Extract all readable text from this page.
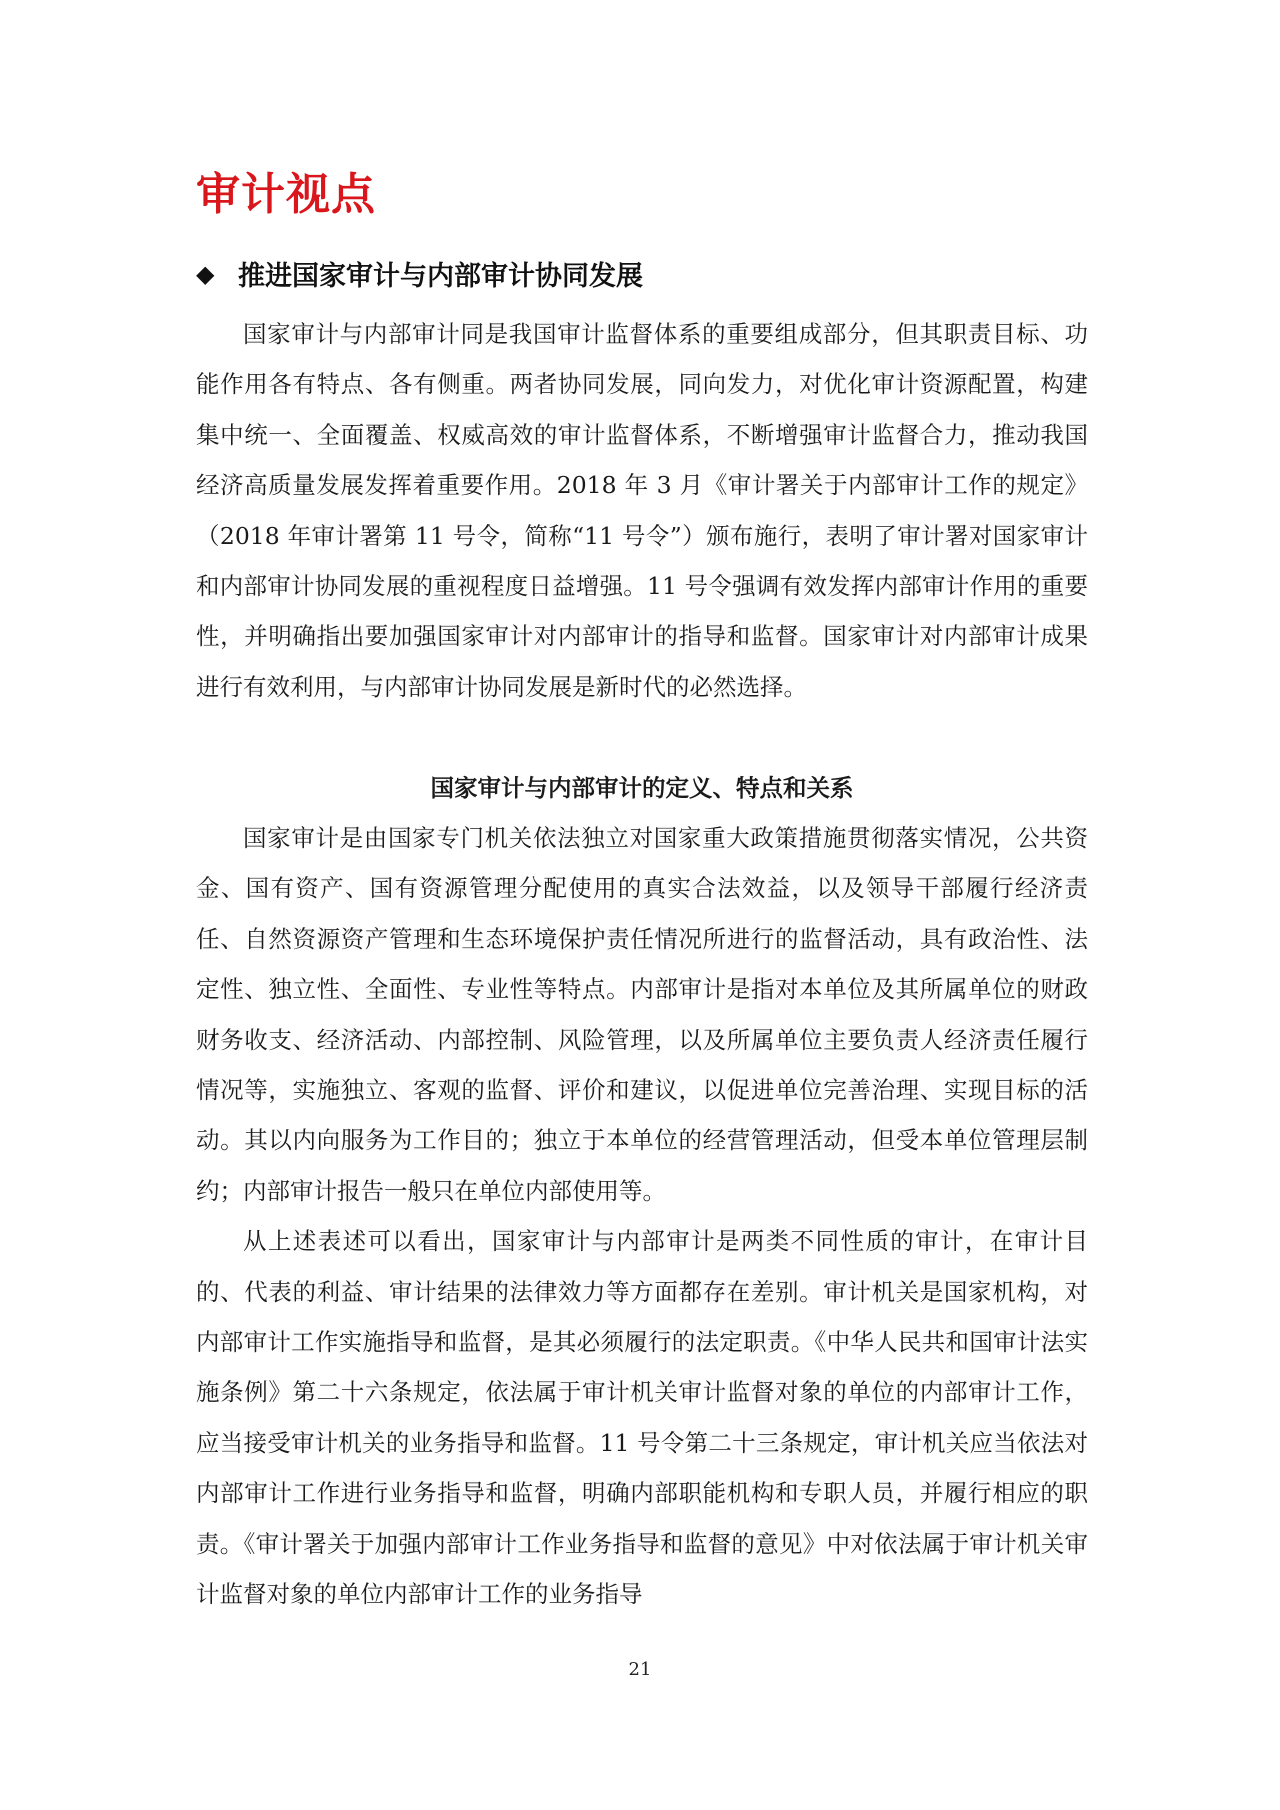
审计视点
◆ 推进国家审计与内部审计协同发展

国家审计与内部审计同是我国审计监督体系的重要组成部分，但其职责目标、功能作用各有特点、各有侧重。两者协同发展，同向发力，对优化审计资源配置，构建集中统一、全面覆盖、权威高效的审计监督体系，不断增强审计监督合力，推动我国经济高质量发展发挥着重要作用。2018 年 3 月《审计署关于内部审计工作的规定》（2018 年审计署第 11 号令，简称“11 号令”）颁布施行，表明了审计署对国家审计和内部审计协同发展的重视程度日益增强。11 号令强调有效发挥内部审计作用的重要性，并明确指出要加强国家审计对内部审计的指导和监督。国家审计对内部审计成果进行有效利用，与内部审计协同发展是新时代的必然选择。

国家审计与内部审计的定义、特点和关系

国家审计是由国家专门机关依法独立对国家重大政策措施贯彻落实情况，公共资金、国有资产、国有资源管理分配使用的真实合法效益，以及领导干部履行经济责任、自然资源资产管理和生态环境保护责任情况所进行的监督活动，具有政治性、法定性、独立性、全面性、专业性等特点。内部审计是指对本单位及其所属单位的财政财务收支、经济活动、内部控制、风险管理，以及所属单位主要负责人经济责任履行情况等，实施独立、客观的监督、评价和建议，以促进单位完善治理、实现目标的活动。其以内向服务为工作目的；独立于本单位的经营管理活动，但受本单位管理层制约；内部审计报告一般只在单位内部使用等。

从上述表述可以看出，国家审计与内部审计是两类不同性质的审计，在审计目的、代表的利益、审计结果的法律效力等方面都存在差别。审计机关是国家机构，对内部审计工作实施指导和监督，是其必须履行的法定职责。《中华人民共和国审计法实施条例》第二十六条规定，依法属于审计机关审计监督对象的单位的内部审计工作，应当接受审计机关的业务指导和监督。11 号令第二十三条规定，审计机关应当依法对内部审计工作进行业务指导和监督，明确内部职能机构和专职人员，并履行相应的职责。《审计署关于加强内部审计工作业务指导和监督的意见》中对依法属于审计机关审计监督对象的单位内部审计工作的业务指导

21
